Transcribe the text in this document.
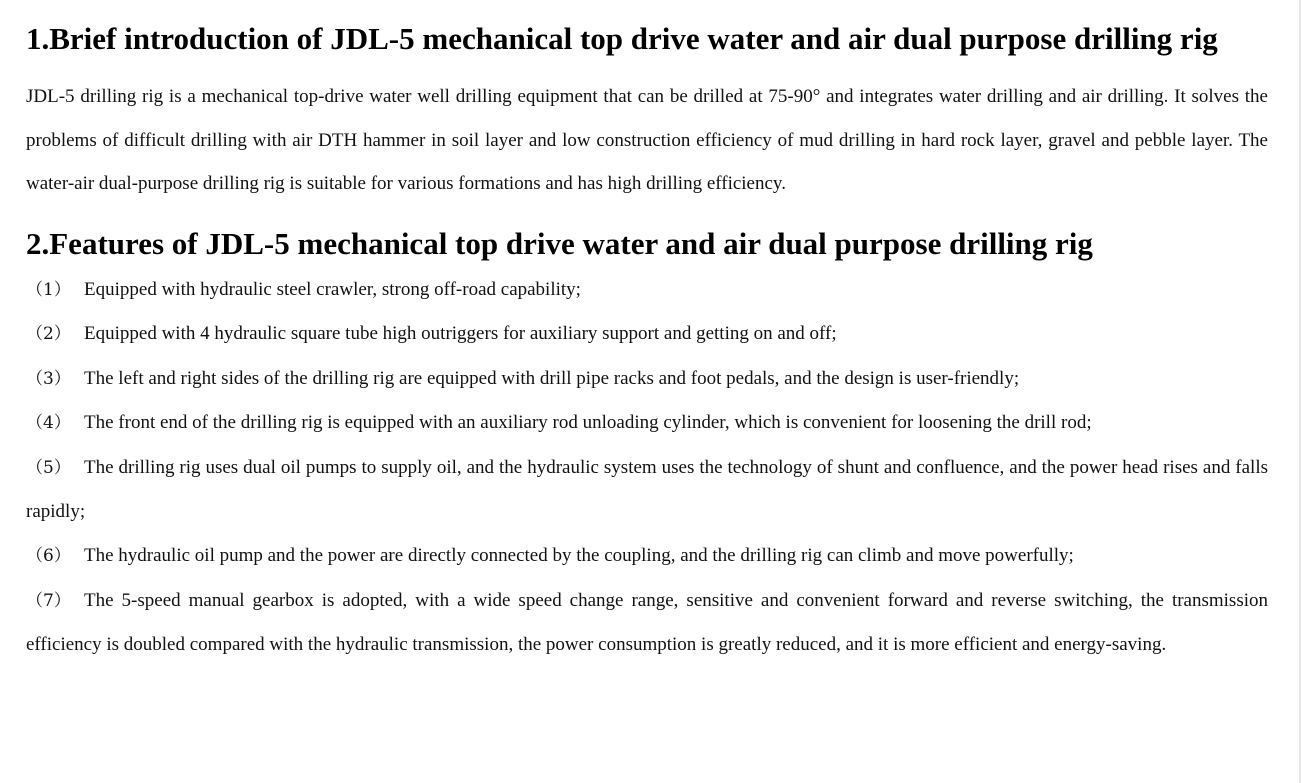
1.Brief introduction of JDL-5 mechanical top drive water and air dual purpose drilling rig

JDL-5 drilling rig is a mechanical top-drive water well drilling equipment that can be drilled at 75-90° and integrates water drilling and air drilling. It solves the problems of difficult drilling with air DTH hammer in soil layer and low construction efficiency of mud drilling in hard rock layer, gravel and pebble layer. The water-air dual-purpose drilling rig is suitable for various formations and has high drilling efficiency.

2.Features of JDL-5 mechanical top drive water and air dual purpose drilling rig
（1） Equipped with hydraulic steel crawler, strong off-road capability;
（2） Equipped with 4 hydraulic square tube high outriggers for auxiliary support and getting on and off;
（3） The left and right sides of the drilling rig are equipped with drill pipe racks and foot pedals, and the design is user-friendly;
（4） The front end of the drilling rig is equipped with an auxiliary rod unloading cylinder, which is convenient for loosening the drill rod;
（5） The drilling rig uses dual oil pumps to supply oil, and the hydraulic system uses the technology of shunt and confluence, and the power head rises and falls rapidly;
（6） The hydraulic oil pump and the power are directly connected by the coupling, and the drilling rig can climb and move powerfully;
（7） The 5-speed manual gearbox is adopted, with a wide speed change range, sensitive and convenient forward and reverse switching, the transmission efficiency is doubled compared with the hydraulic transmission, the power consumption is greatly reduced, and it is more efficient and energy-saving.
